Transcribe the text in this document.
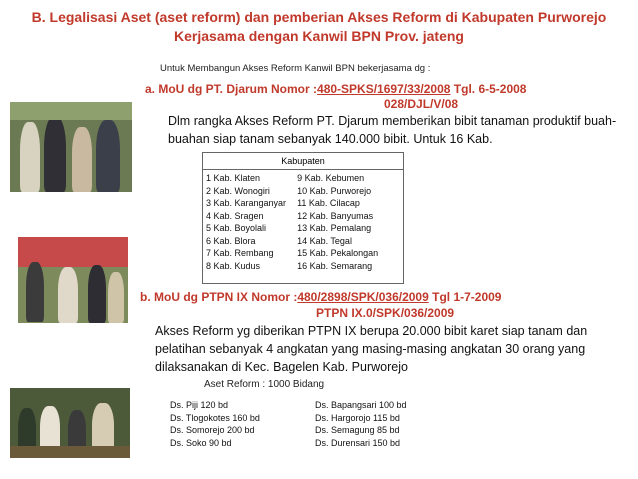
B. Legalisasi Aset (aset reform) dan pemberian Akses Reform di Kabupaten Purworejo
Kerjasama dengan Kanwil BPN Prov. jateng
Untuk Membangun Akses Reform Kanwil BPN bekerjasama dg :
a. MoU dg PT. Djarum Nomor :480-SPKS/1697/33/2008 Tgl. 6-5-2008
028/DJL/V/08
Dlm rangka Akses Reform PT. Djarum memberikan bibit tanaman produktif buah-
buahan siap tanam sebanyak 140.000 bibit. Untuk 16 Kab.
Kabupaten
1 Kab. Klaten	9 Kab. Kebumen
2 Kab. Wonogiri	10 Kab. Purworejo
3 Kab. Karanganyar	11 Kab. Cilacap
4 Kab. Sragen	12 Kab. Banyumas
5 Kab. Boyolali	13 Kab. Pemalang
6 Kab. Blora	14 Kab. Tegal
7 Kab. Rembang	15 Kab. Pekalongan
8 Kab. Kudus	16 Kab. Semarang
b. MoU dg PTPN IX Nomor :480/2898/SPK/036/2009 Tgl 1-7-2009
PTPN IX.0/SPK/036/2009
Akses Reform yg diberikan PTPN IX berupa 20.000 bibit karet siap tanam dan
pelatihan sebanyak 4 angkatan yang masing-masing angkatan 30 orang yang
dilaksanakan di Kec. Bagelen Kab. Purworejo
Aset Reform : 1000 Bidang
Ds. Piji 120 bd
Ds. Tlogokotes 160 bd
Ds. Somorejo 200 bd
Ds. Soko 90 bd
Ds. Bapangsari 100 bd
Ds. Hargorojo 115 bd
Ds. Semagung 85 bd
Ds. Durensari 150 bd
